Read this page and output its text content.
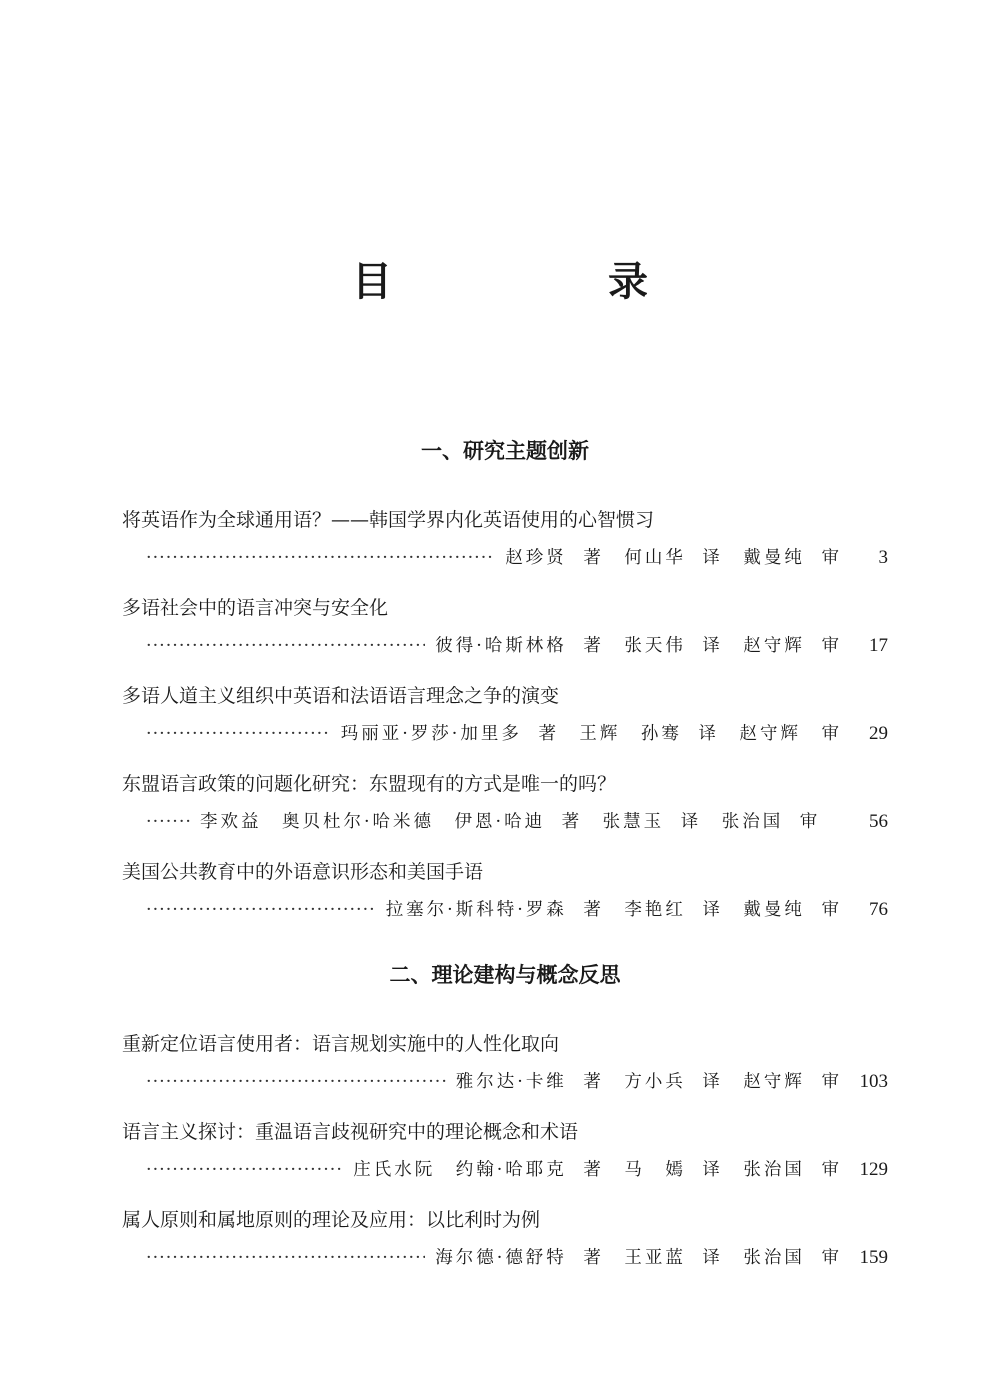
目　录
一、研究主题创新
将英语作为全球通用语？——韩国学界内化英语使用的心智惯习
·····
赵珍贤 著　何山华 译　戴曼纯 审	3
多语社会中的语言冲突与安全化
·····
彼得·哈斯林格 著　张天伟 译　赵守辉 审	17
多语人道主义组织中英语和法语语言理念之争的演变
·····
玛丽亚·罗莎·加里多 著　王辉　孙骞 译　赵守辉　审	29
东盟语言政策的问题化研究：东盟现有的方式是唯一的吗？
·····
李欢益　奥贝杜尔·哈米德　伊恩·哈迪 著　张慧玉 译　张治国 审	56
美国公共教育中的外语意识形态和美国手语
·····
拉塞尔·斯科特·罗森 著　李艳红 译　戴曼纯 审	76
二、理论建构与概念反思
重新定位语言使用者：语言规划实施中的人性化取向
·····
雅尔达·卡维 著　方小兵 译　赵守辉 审 103
语言主义探讨：重温语言歧视研究中的理论概念和术语
·····
庄氏水阮　约翰·哈耶克 著　马　嫣 译　张治国 审 129
属人原则和属地原则的理论及应用：以比利时为例
·····
海尔德·德舒特 著　王亚蓝 译　张治国 审 159
